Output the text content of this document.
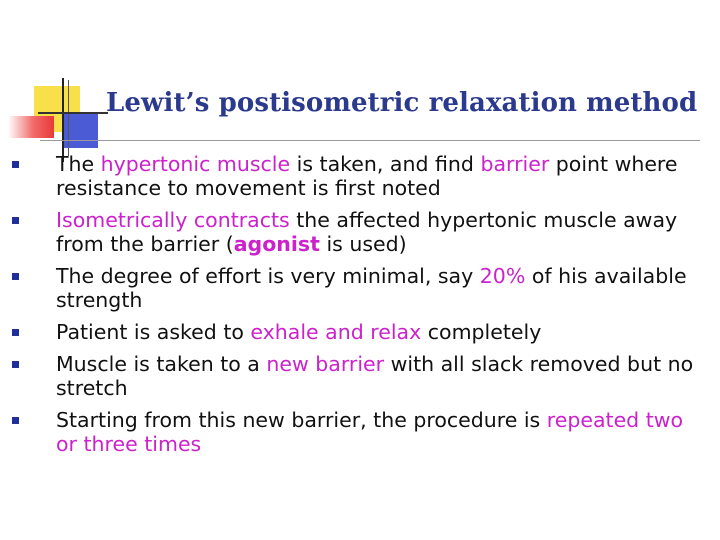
Lewit’s postisometric relaxation method
The hypertonic muscle is taken, and find barrier point where resistance to movement is first noted
Isometrically contracts the affected hypertonic muscle away from the barrier (agonist is used)
The degree of effort is very minimal, say 20% of his available strength
Patient is asked to exhale and relax completely
Muscle is taken to a new barrier with all slack removed but no stretch
Starting from this new barrier, the procedure is repeated two or three times
